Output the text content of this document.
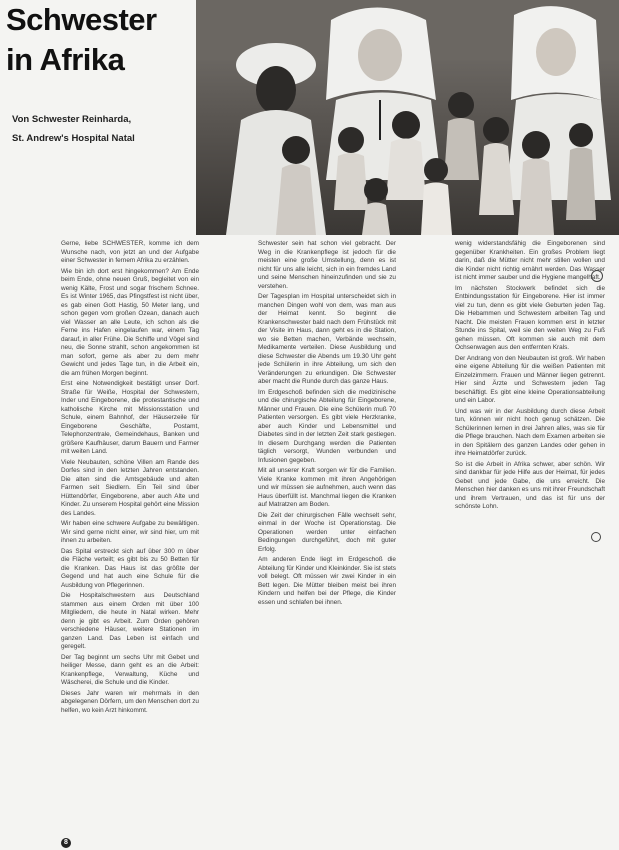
Schwester
in Afrika
Von Schwester Reinharda,
St. Andrew's Hospital Natal

Gerne, liebe SCHWESTER, komme ich dem Wunsche nach, von jetzt an und der Aufgabe einer Schwester in fernem Afrika zu erzählen.

Wie bin ich dort erst hingekommen? Am Ende beim Ende, ohne neuen Gruß, begleitet von ein wenig Kälte, Frost und sogar frischem Schnee. Es ist Winter 1965, das Pfingstfest ist nicht über, es gab einen Gott Hastig, 50 Meter lang, und schon gegen vom großen Ozean, danach auch viel Wasser an alle Leute, ich schon als die Ferne ins Hafen eingelaufen war, einem Tag darauf, in aller Frühe. Die Schiffe und Vögel sind neu, die Sonne strahlt, schon angekommen ist man sofort, gerne als aber zu dem mehr Gewicht und jedes Tage tun, in die Arbeit ein, die am frühen Morgen beginnt.

Erst eine Notwendigkeit bestätigt unser Dorf. Straße für Weiße, Hospital der Schwestern, Inder und Eingeborene, die protestantische und katholische Kirche mit Missionsstation und Schule, einem Bahnhof, der Häuserzeile für Eingeborene Geschäfte, Postamt, Telephonzentrale, Gemeindehaus, Banken und größere Kaufhäuser, darum Bauern und Farmer mit weiten Land.

Viele Neubauten, schöne Villen am Rande des Dorfes sind in den letzten Jahren entstanden. Die alten sind die Amtsgebäude und alten Farmen seit Siedlern. Ein Teil sind über Hüttendörfer, Eingeborene, aber auch Alte und Kinder. Zu unserem Hospital gehört eine Mission des Landes.

Wir haben eine schwere Aufgabe zu bewältigen. Wir sind gerne nicht einer, wir sind hier, um mit ihnen zu arbeiten.

Das Spital erstreckt sich auf über 300 m über die Fläche verteilt; es gibt bis zu 50 Betten für die Kranken. Das Haus ist das größte der Gegend und hat auch eine Schule für die Ausbildung von Pflegerinnen.

Die Hospitalschwestern aus Deutschland stammen aus einem Orden mit über 100 Mitgliedern, die heute in Natal wirken. Mehr denn je gibt es Arbeit. Zum Orden gehören verschiedene Häuser, weitere Stationen im ganzen Land. Das Leben ist einfach und geregelt.

Der Tag beginnt um sechs Uhr mit Gebet und heiliger Messe, dann geht es an die Arbeit: Krankenpflege, Verwaltung, Küche und Wäscherei, die Schule und die Kinder.

Dieses Jahr waren wir mehrmals in den abgelegenen Dörfern, um den Menschen dort zu helfen, wo kein Arzt hinkommt.

Schwester sein hat schon viel gebracht. Der Weg in die Krankenpflege ist jedoch für die meisten eine große Umstellung, denn es ist nicht für uns alle leicht, sich in ein fremdes Land und seine Menschen hineinzufinden und sie zu verstehen.

Der Tagesplan im Hospital unterscheidet sich in manchen Dingen wohl von dem, was man aus der Heimat kennt. So beginnt die Krankenschwester bald nach dem Frühstück mit der Visite im Haus, dann geht es in die Station, wo sie Betten machen, Verbände wechseln, Medikamente verteilen. Diese Ausbildung und diese Schwester die Abends um 19.30 Uhr geht jede Schülerin in ihre Abteilung, um sich den Veränderungen zu erkundigen. Die Schwester aber macht die Runde durch das ganze Haus.

Im Erdgeschoß befinden sich die medizinische und die chirurgische Abteilung für Eingeborene, Männer und Frauen. Die eine Schülerin muß 70 Patienten versorgen. Es gibt viele Herzkranke, aber auch Kinder und Lebensmittel und Diabetes sind in der letzten Zeit stark gestiegen. In diesem Durchgang werden die Patienten täglich versorgt, Wunden verbunden und Infusionen gegeben.

Mit all unserer Kraft sorgen wir für die Familien. Viele Kranke kommen mit ihren Angehörigen und wir müssen sie aufnehmen, auch wenn das Haus überfüllt ist. Manchmal liegen die Kranken auf Matratzen am Boden.

Die Zeit der chirurgischen Fälle wechselt sehr, einmal in der Woche ist Operationstag. Die Operationen werden unter einfachen Bedingungen durchgeführt, doch mit guter Erfolg.

Am anderen Ende liegt im Erdgeschoß die Abteilung für Kinder und Kleinkinder. Sie ist stets voll belegt. Oft müssen wir zwei Kinder in ein Bett legen. Die Mütter bleiben meist bei ihren Kindern und helfen bei der Pflege, die Kinder essen und schlafen bei ihnen.

wenig widerstandsfähig die Eingeborenen sind gegenüber Krankheiten. Ein großes Problem liegt darin, daß die Mütter nicht mehr stillen wollen und die Kinder nicht richtig ernährt werden. Das Wasser ist nicht immer sauber und die Hygiene mangelhaft.

Im nächsten Stockwerk befindet sich die Entbindungsstation für Eingeborene. Hier ist immer viel zu tun, denn es gibt viele Geburten jeden Tag. Die Hebammen und Schwestern arbeiten Tag und Nacht. Die meisten Frauen kommen erst in letzter Stunde ins Spital, weil sie den weiten Weg zu Fuß gehen müssen. Oft kommen sie auch mit dem Ochsenwagen aus den entfernten Krals.

Der Andrang von den Neubauten ist groß. Wir haben eine eigene Abteilung für die weißen Patienten mit Einzelzimmern. Frauen und Männer liegen getrennt. Hier sind Ärzte und Schwestern jeden Tag beschäftigt. Es gibt eine kleine Operationsabteilung und ein Labor.

Und was wir in der Ausbildung durch diese Arbeit tun, können wir nicht hoch genug schätzen. Die Schülerinnen lernen in drei Jahren alles, was sie für die Pflege brauchen. Nach dem Examen arbeiten sie in den Spitälern des ganzen Landes oder gehen in ihre Heimatdörfer zurück.

So ist die Arbeit in Afrika schwer, aber schön. Wir sind dankbar für jede Hilfe aus der Heimat, für jedes Gebet und jede Gabe, die uns erreicht. Die Menschen hier danken es uns mit ihrer Freundschaft und ihrem Vertrauen, und das ist für uns der schönste Lohn.

8
